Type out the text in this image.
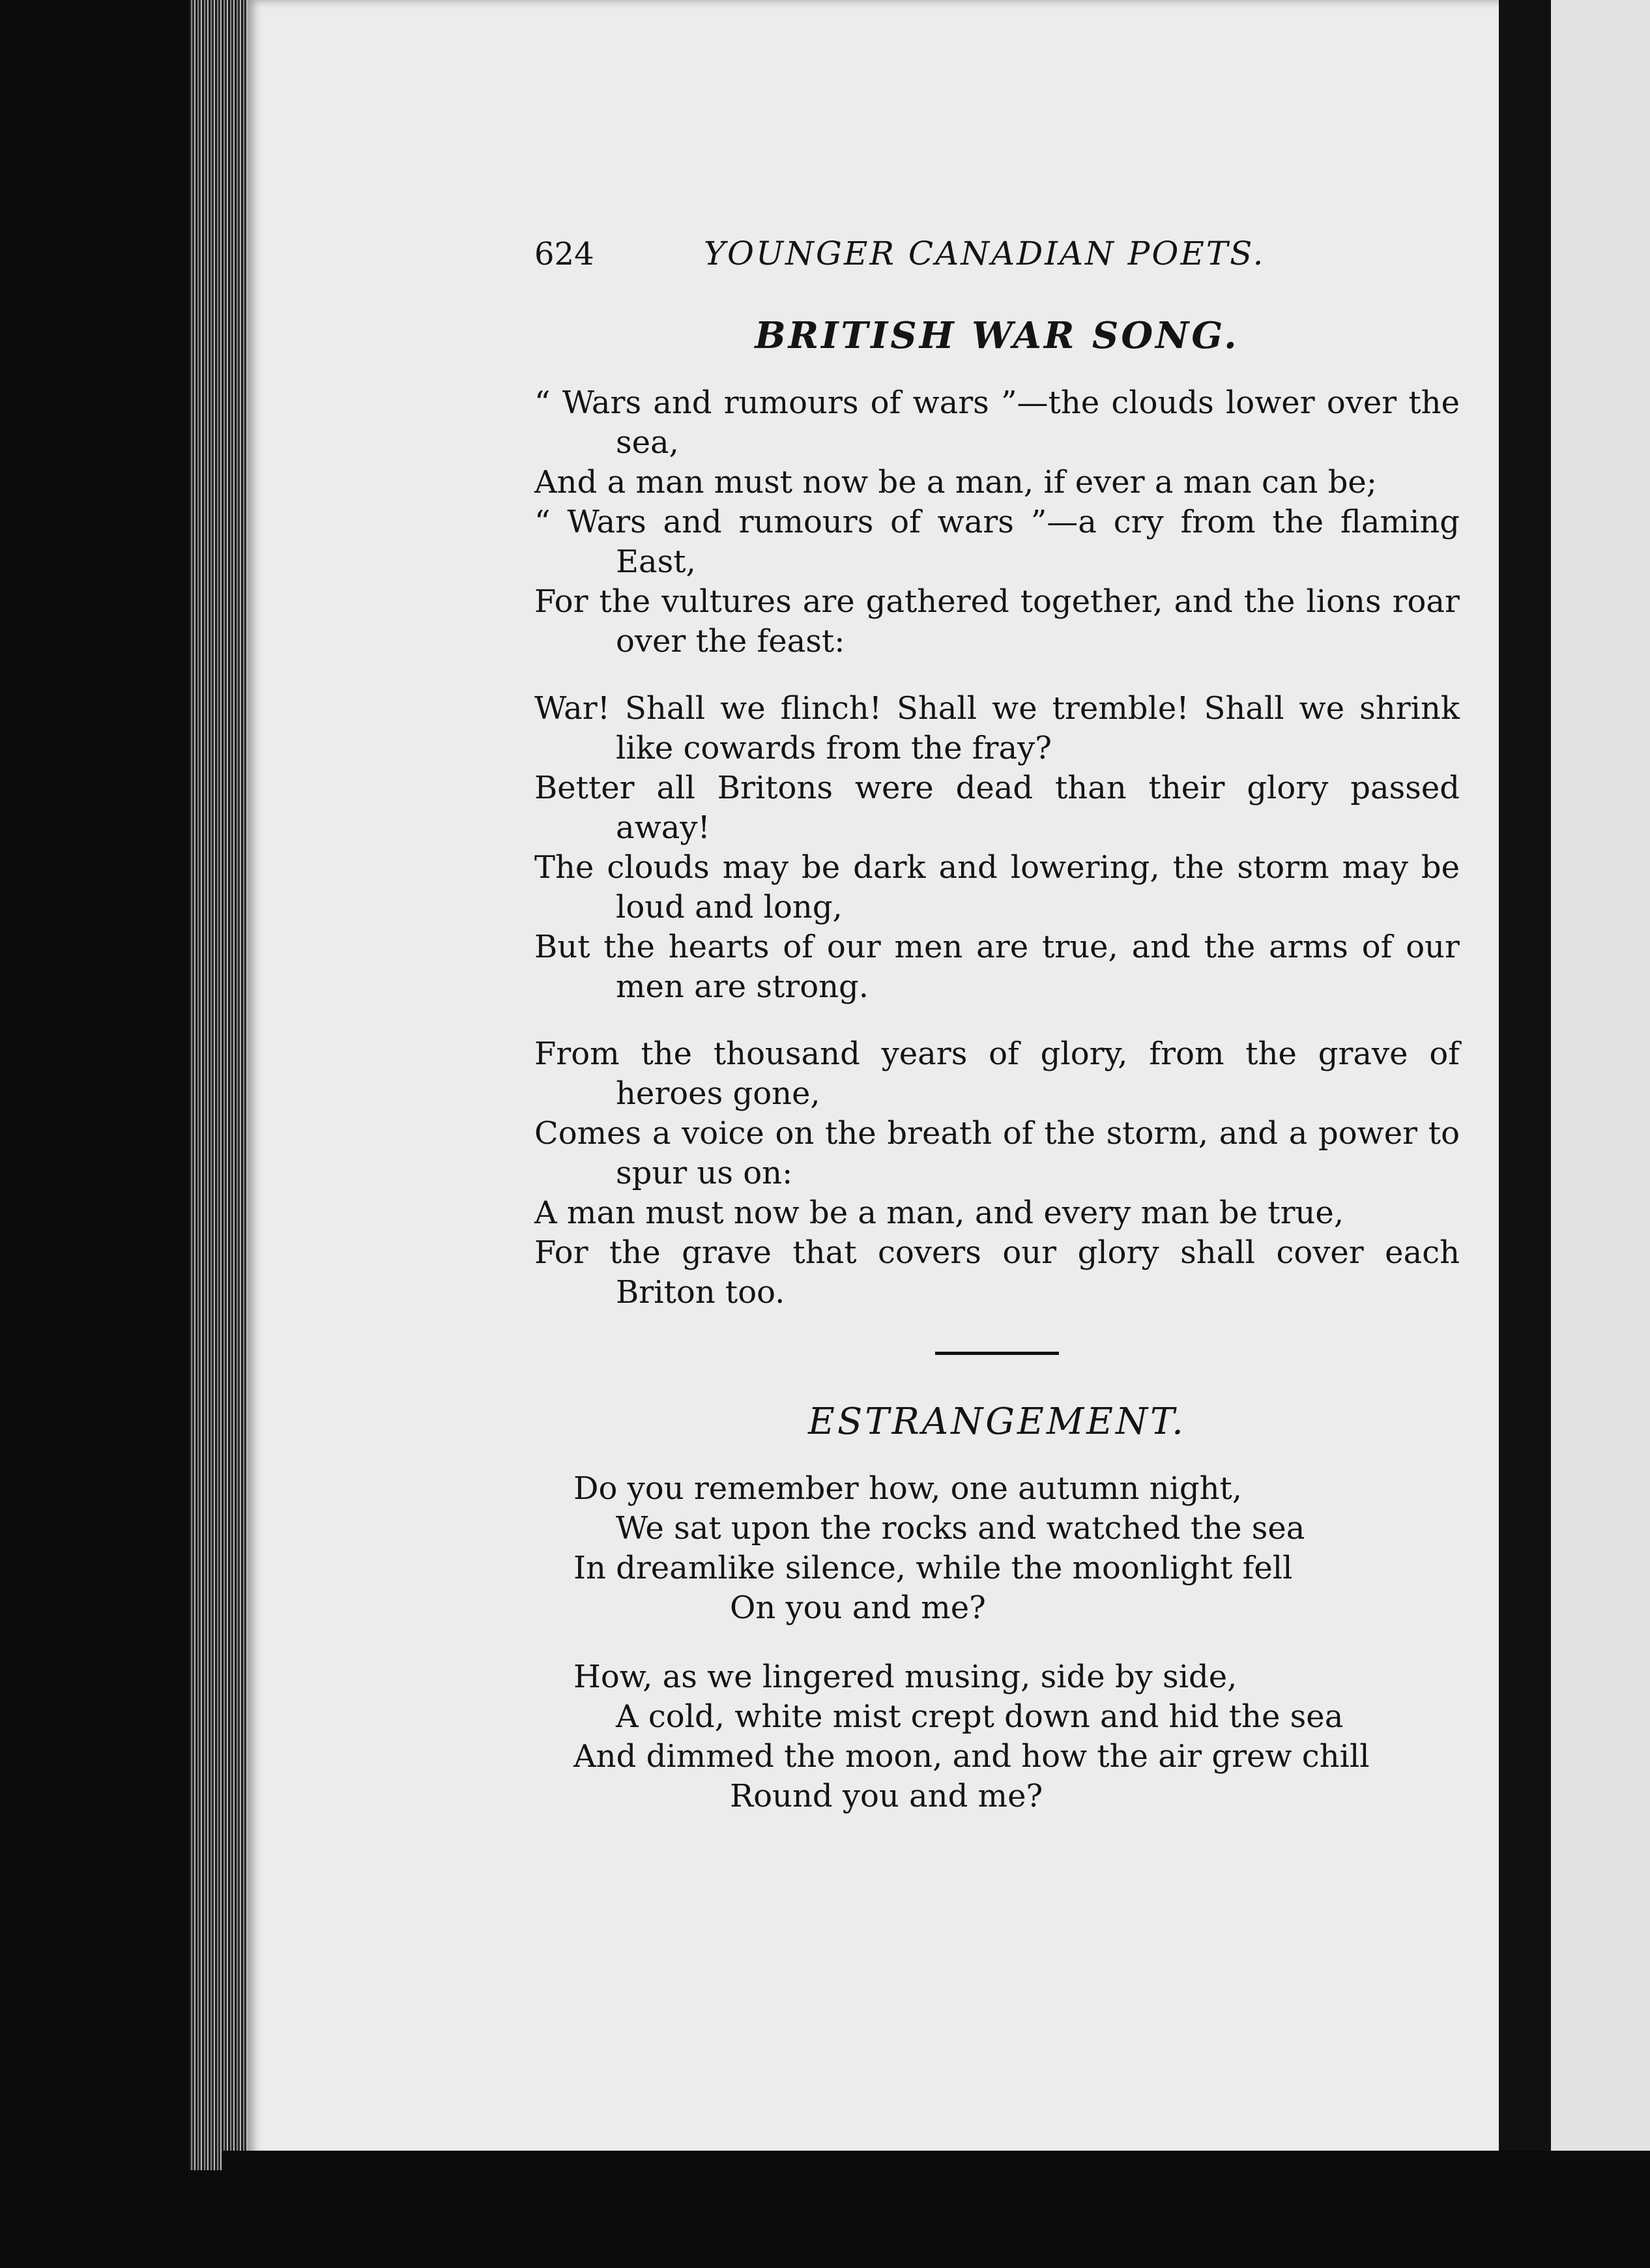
624	YOUNGER CANADIAN POETS.
BRITISH WAR SONG.
“ Wars and rumours of wars ”—the clouds lower over the sea,
And a man must now be a man, if ever a man can be;
“ Wars and rumours of wars ”—a cry from the flaming East,
For the vultures are gathered together, and the lions roar over the feast:
War! Shall we flinch! Shall we tremble! Shall we shrink like cowards from the fray?
Better all Britons were dead than their glory passed away!
The clouds may be dark and lowering, the storm may be loud and long,
But the hearts of our men are true, and the arms of our men are strong.
From the thousand years of glory, from the grave of heroes gone,
Comes a voice on the breath of the storm, and a power to spur us on:
A man must now be a man, and every man be true,
For the grave that covers our glory shall cover each Briton too.
ESTRANGEMENT.
Do you remember how, one autumn night,
We sat upon the rocks and watched the sea
In dreamlike silence, while the moonlight fell
On you and me?
How, as we lingered musing, side by side,
A cold, white mist crept down and hid the sea
And dimmed the moon, and how the air grew chill
Round you and me?
